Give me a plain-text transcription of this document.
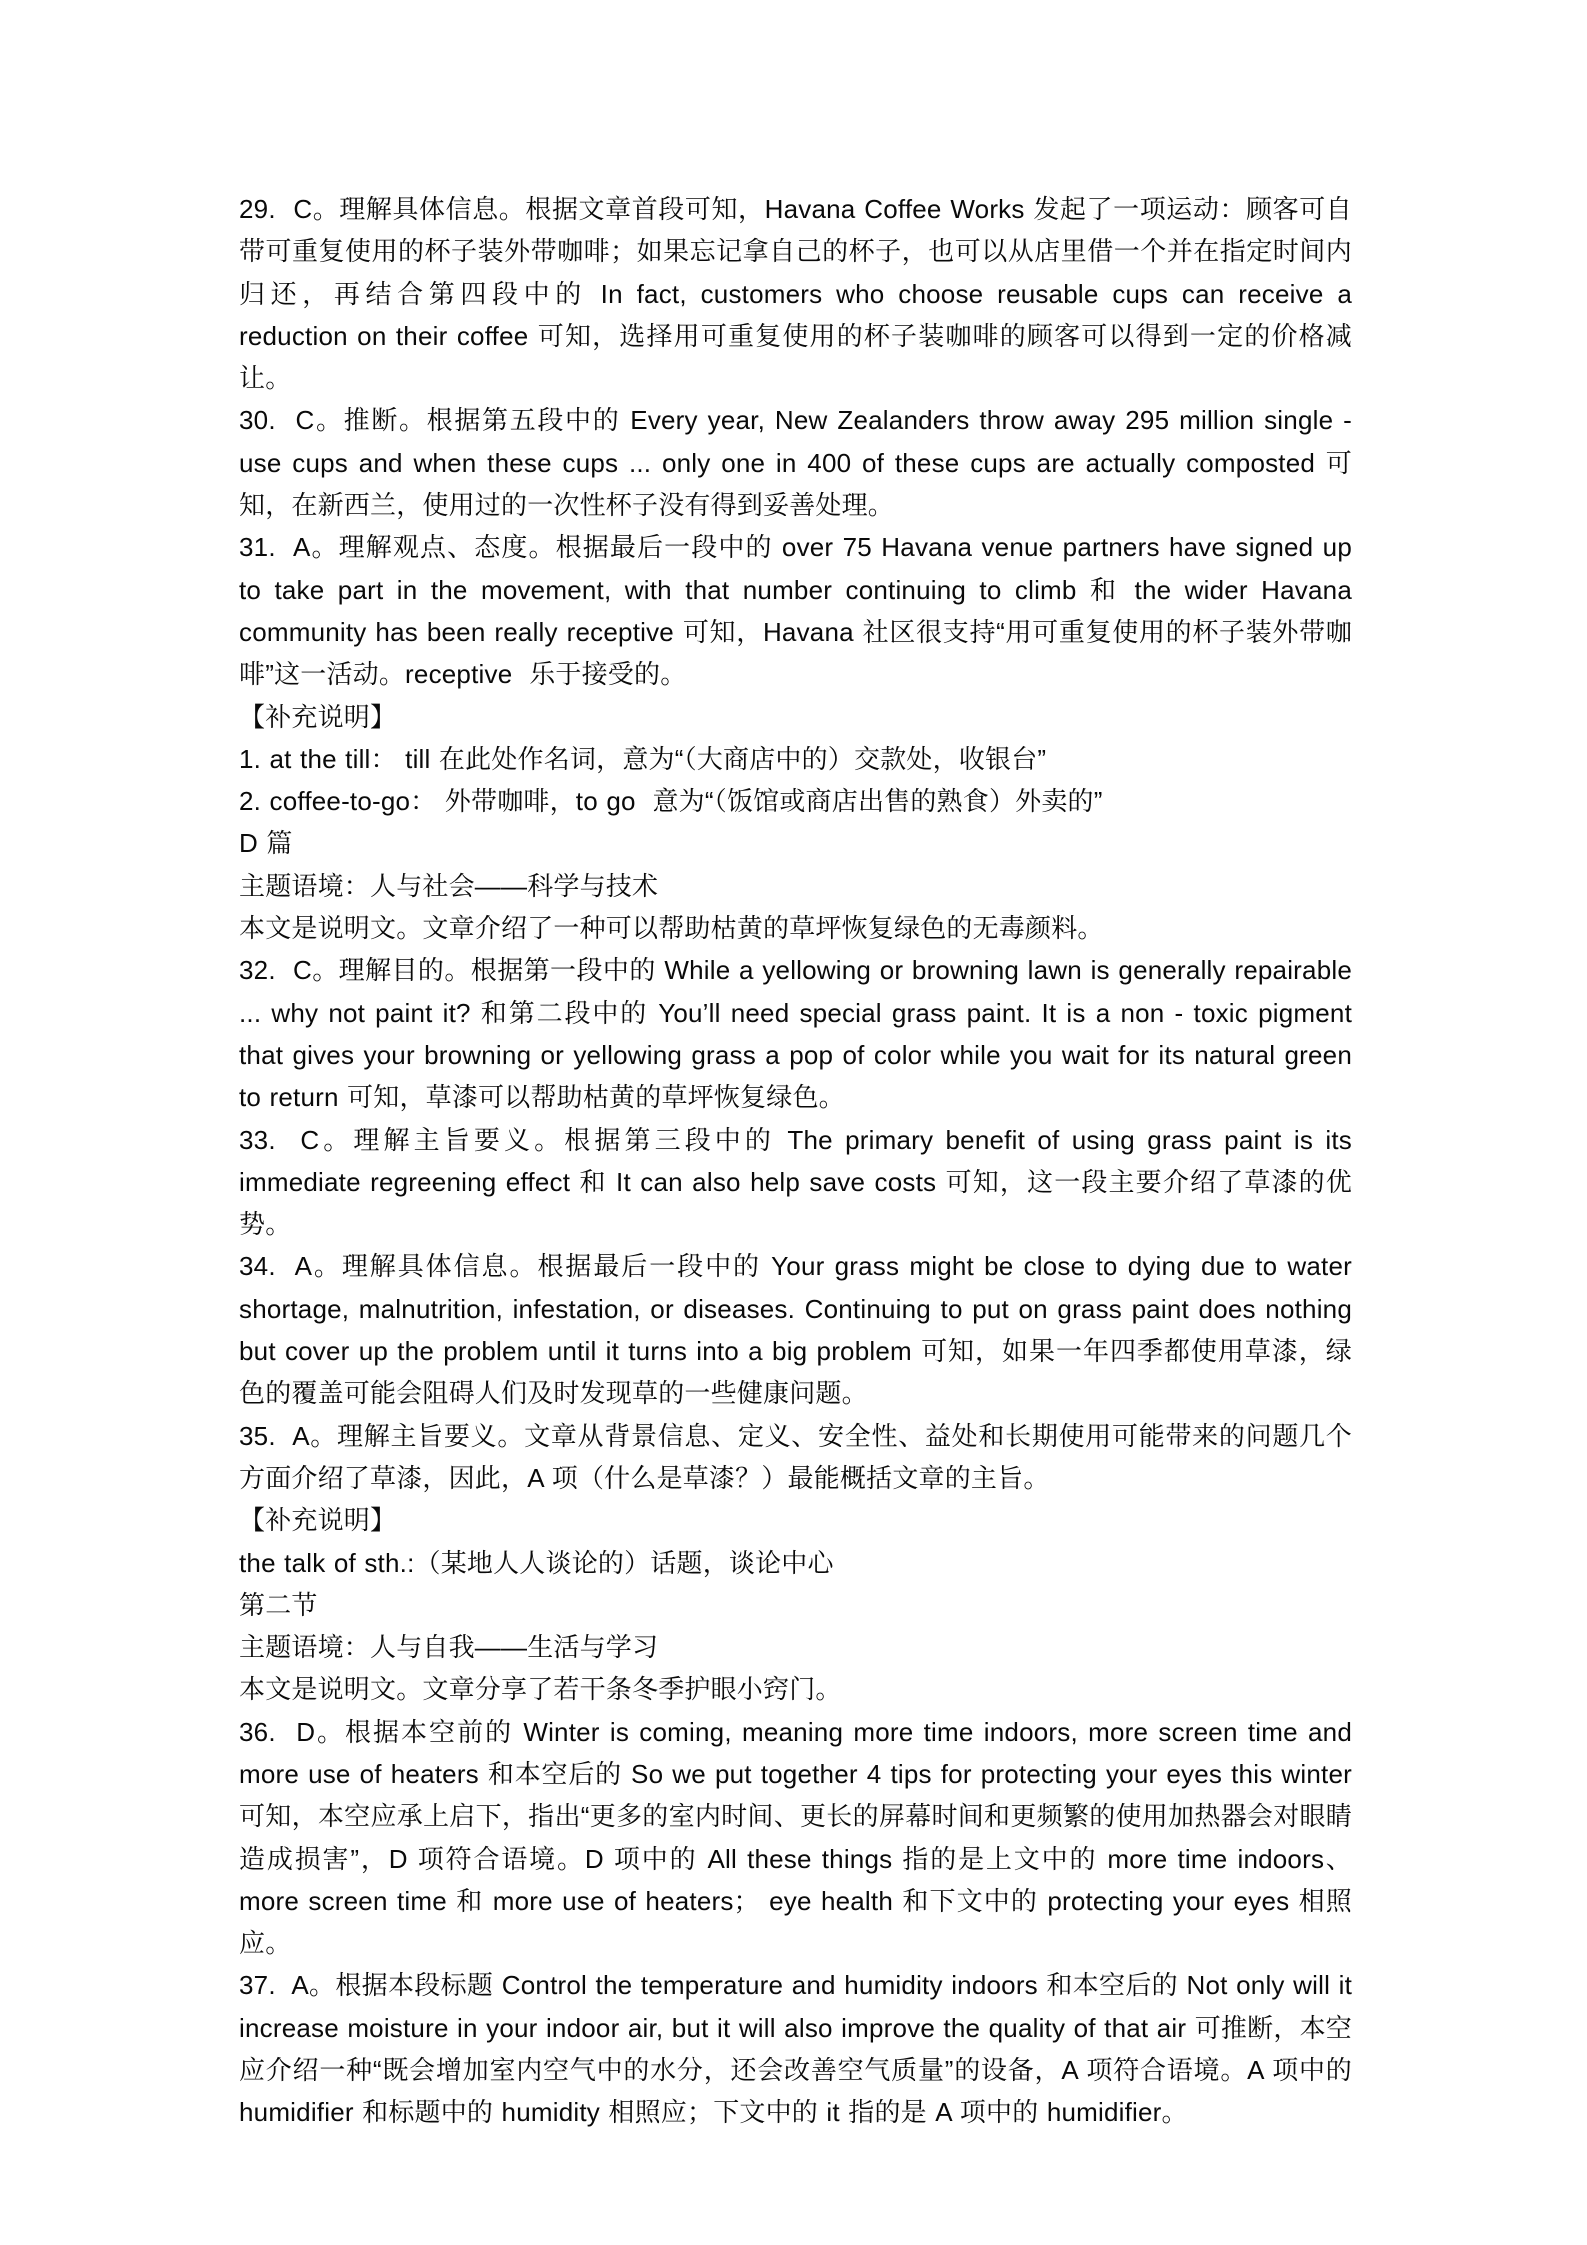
29.  C。理解具体信息。根据文章首段可知，Havana Coffee Works 发起了一项运动：顾客可自带可重复使用的杯子装外带咖啡；如果忘记拿自己的杯子，也可以从店里借一个并在指定时间内归还，再结合第四段中的 In fact, customers who choose reusable cups can receive a reduction on their coffee 可知，选择用可重复使用的杯子装咖啡的顾客可以得到一定的价格减让。

30.  C。推断。根据第五段中的 Every year, New Zealanders throw away 295 million single - use cups and when these cups ... only one in 400 of these cups are actually composted 可知，在新西兰，使用过的一次性杯子没有得到妥善处理。

31.  A。理解观点、态度。根据最后一段中的 over 75 Havana venue partners have signed up to take part in the movement, with that number continuing to climb 和 the wider Havana community has been really receptive 可知，Havana 社区很支持“用可重复使用的杯子装外带咖啡”这一活动。receptive  乐于接受的。

【补充说明】

1. at the till： till 在此处作名词，意为“（大商店中的）交款处，收银台”

2. coffee-to-go： 外带咖啡，to go  意为“（饭馆或商店出售的熟食）外卖的”

D 篇

主题语境：人与社会——科学与技术

本文是说明文。文章介绍了一种可以帮助枯黄的草坪恢复绿色的无毒颜料。

32.  C。理解目的。根据第一段中的 While a yellowing or browning lawn is generally repairable ... why not paint it? 和第二段中的 You’ll need special grass paint. It is a non - toxic pigment that gives your browning or yellowing grass a pop of color while you wait for its natural green to return 可知，草漆可以帮助枯黄的草坪恢复绿色。

33.  C。理解主旨要义。根据第三段中的 The primary benefit of using grass paint is its immediate regreening effect 和 It can also help save costs 可知，这一段主要介绍了草漆的优势。

34.  A。理解具体信息。根据最后一段中的 Your grass might be close to dying due to water shortage, malnutrition, infestation, or diseases. Continuing to put on grass paint does nothing but cover up the problem until it turns into a big problem 可知，如果一年四季都使用草漆，绿色的覆盖可能会阻碍人们及时发现草的一些健康问题。

35.  A。理解主旨要义。文章从背景信息、定义、安全性、益处和长期使用可能带来的问题几个方面介绍了草漆，因此，A 项（什么是草漆？）最能概括文章的主旨。

【补充说明】

the talk of sth.:（某地人人谈论的）话题，谈论中心

第二节

主题语境：人与自我——生活与学习

本文是说明文。文章分享了若干条冬季护眼小窍门。

36.  D。根据本空前的 Winter is coming, meaning more time indoors, more screen time and more use of heaters 和本空后的 So we put together 4 tips for protecting your eyes this winter 可知，本空应承上启下，指出“更多的室内时间、更长的屏幕时间和更频繁的使用加热器会对眼睛造成损害”，D 项符合语境。D 项中的 All these things 指的是上文中的 more time indoors、more screen time 和 more use of heaters； eye health 和下文中的 protecting your eyes 相照应。

37.  A。根据本段标题 Control the temperature and humidity indoors 和本空后的 Not only will it increase moisture in your indoor air, but it will also improve the quality of that air 可推断，本空应介绍一种“既会增加室内空气中的水分，还会改善空气质量”的设备，A 项符合语境。A 项中的 humidifier 和标题中的 humidity 相照应；下文中的 it 指的是 A 项中的 humidifier。
